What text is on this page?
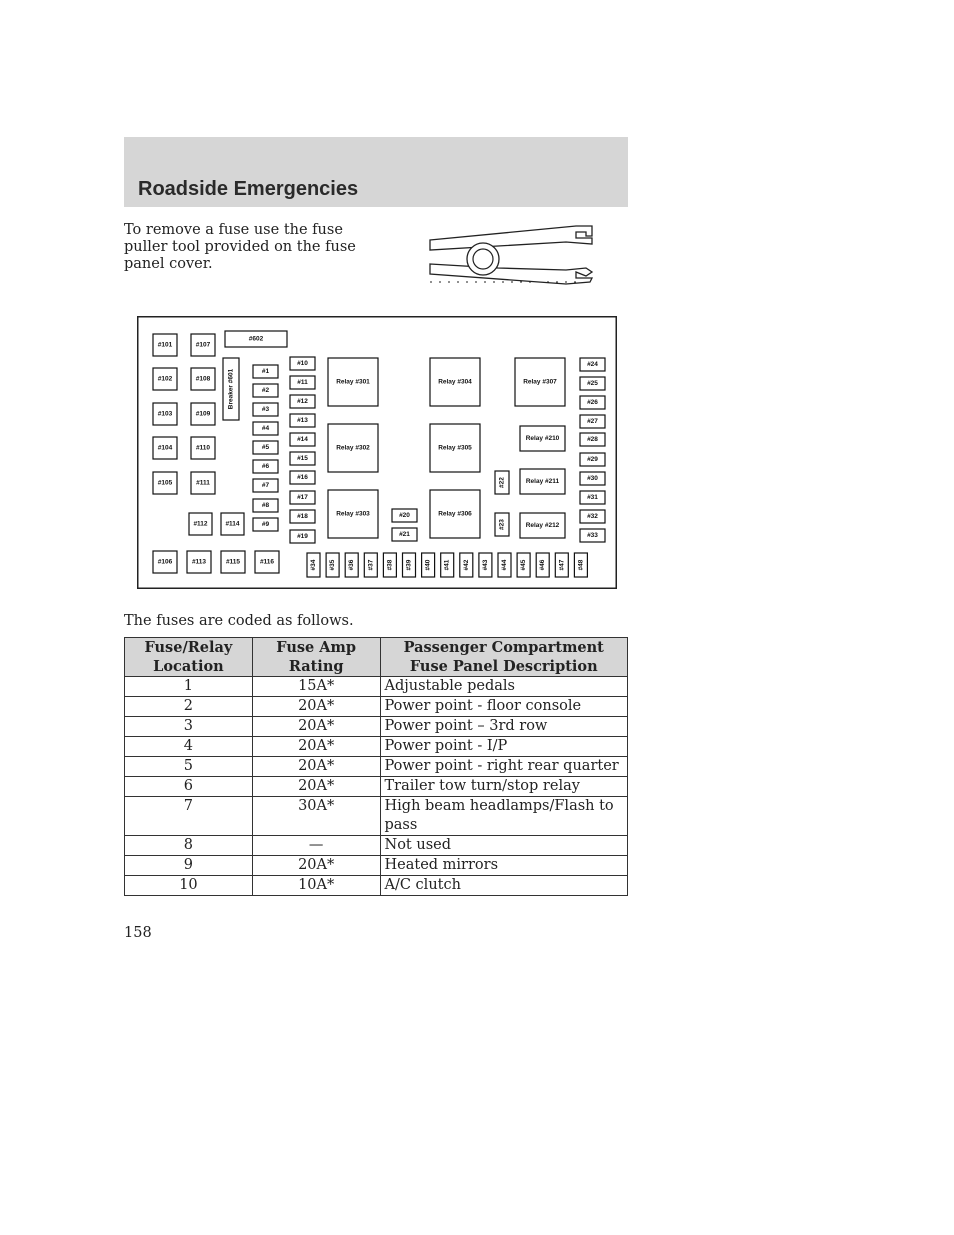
Roadside Emergencies
To remove a fuse use the fuse puller tool provided on the fuse panel cover.
#101
#102
#103
#104
#105
#107
#108
#109
#110
#111
#112	#114
#106	#113	#115	#116
Breaker #601
#602
#1
#2
#3
#4
#5
#6
#7
#8
#9
#10
#11
#12
#13
#14
#15
#16
#17
#18
#19
Relay #301
Relay #302
Relay #303
Relay #304
Relay #305
Relay #306
Relay #307
Relay #210
Relay #211
Relay #212
#20
#21
#22
#23
#24
#25
#26
#27
#28
#29
#30
#31
#32
#33
#34 #35 #36 #37 #38 #39 #40 #41 #42 #43 #44 #45 #46 #47 #48
The fuses are coded as follows.
Fuse/Relay Location	Fuse Amp Rating	Passenger Compartment Fuse Panel Description
1	15A*	Adjustable pedals
2	20A*	Power point - floor console
3	20A*	Power point – 3rd row
4	20A*	Power point - I/P
5	20A*	Power point - right rear quarter
6	20A*	Trailer tow turn/stop relay
7	30A*	High beam headlamps/Flash to pass
8	—	Not used
9	20A*	Heated mirrors
10	10A*	A/C clutch
158
